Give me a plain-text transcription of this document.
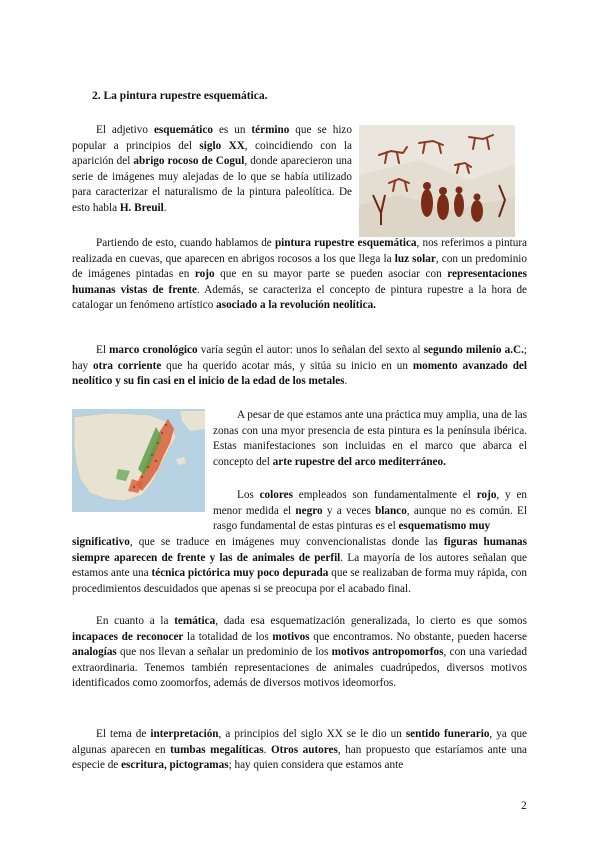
2. La pintura rupestre esquemática.

El adjetivo esquemático es un término que se hizo popular a principios del siglo XX, coincidiendo con la aparición del abrigo rocoso de Cogul, donde aparecieron una serie de imágenes muy alejadas de lo que se había utilizado para caracterizar el naturalismo de la pintura paleolítica. De esto habla H. Breuil.

Partiendo de esto, cuando hablamos de pintura rupestre esquemática, nos referimos a pintura realizada en cuevas, que aparecen en abrigos rocosos a los que llega la luz solar, con un predominio de imágenes pintadas en rojo que en su mayor parte se pueden asociar con representaciones humanas vistas de frente. Además, se caracteriza el concepto de pintura rupestre a la hora de catalogar un fenómeno artístico asociado a la revolución neolítica.

El marco cronológico varía según el autor: unos lo señalan del sexto al segundo milenio a.C.; hay otra corriente que ha querido acotar más, y sitúa su inicio en un momento avanzado del neolítico y su fin casi en el inicio de la edad de los metales.

A pesar de que estamos ante una práctica muy amplia, una de las zonas con una myor presencia de esta pintura es la península ibérica. Estas manifestaciones son incluidas en el marco que abarca el concepto del arte rupestre del arco mediterráneo.

Los colores empleados son fundamentalmente el rojo, y en menor medida el negro y a veces blanco, aunque no es común. El rasgo fundamental de estas pinturas es el esquematismo muy

significativo, que se traduce en imágenes muy convencionalistas donde las figuras humanas siempre aparecen de frente y las de animales de perfil. La mayoría de los autores señalan que estamos ante una técnica pictórica muy poco depurada que se realizaban de forma muy rápida, con procedimientos descuidados que apenas si se preocupa por el acabado final.

En cuanto a la temática, dada esa esquematización generalizada, lo cierto es que somos incapaces de reconocer la totalidad de los motivos que encontramos. No obstante, pueden hacerse analogías que nos llevan a señalar un predominio de los motivos antropomorfos, con una variedad extraordinaria. Tenemos también representaciones de animales cuadrúpedos, diversos motivos identificados como zoomorfos, además de diversos motivos ideomorfos.

El tema de interpretación, a principios del siglo XX se le dio un sentido funerario, ya que algunas aparecen en tumbas megalíticas. Otros autores, han propuesto que estaríamos ante una especie de escritura, pictogramas; hay quien considera que estamos ante

2
